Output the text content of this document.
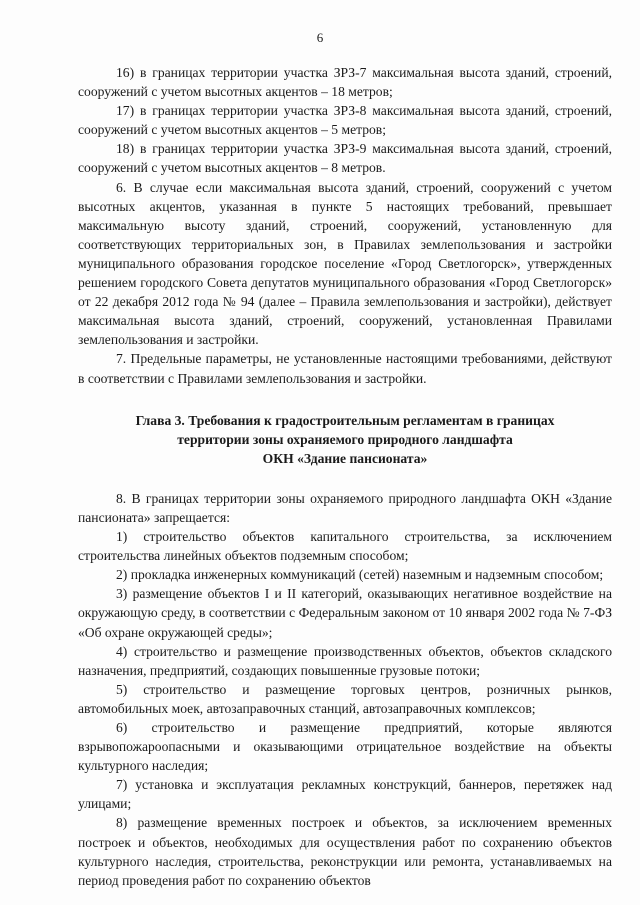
6

16) в границах территории участка ЗРЗ-7 максимальная высота зданий, строений, сооружений с учетом высотных акцентов – 18 метров;

17) в границах территории участка ЗРЗ-8 максимальная высота зданий, строений, сооружений с учетом высотных акцентов – 5 метров;

18) в границах территории участка ЗРЗ-9 максимальная высота зданий, строений, сооружений с учетом высотных акцентов – 8 метров.

6. В случае если максимальная высота зданий, строений, сооружений с учетом высотных акцентов, указанная в пункте 5 настоящих требований, превышает максимальную высоту зданий, строений, сооружений, установленную для соответствующих территориальных зон, в Правилах землепользования и застройки муниципального образования городское поселение «Город Светлогорск», утвержденных решением городского Совета депутатов муниципального образования «Город Светлогорск» от 22 декабря 2012 года № 94 (далее – Правила землепользования и застройки), действует максимальная высота зданий, строений, сооружений, установленная Правилами землепользования и застройки.

7. Предельные параметры, не установленные настоящими требованиями, действуют в соответствии с Правилами землепользования и застройки.

Глава 3. Требования к градостроительным регламентам в границах
территории зоны охраняемого природного ландшафта
ОКН «Здание пансионата»

8. В границах территории зоны охраняемого природного ландшафта ОКН «Здание пансионата» запрещается:

1) строительство объектов капитального строительства, за исключением строительства линейных объектов подземным способом;

2) прокладка инженерных коммуникаций (сетей) наземным и надземным способом;

3) размещение объектов I и II категорий, оказывающих негативное воздействие на окружающую среду, в соответствии с Федеральным законом от 10 января 2002 года № 7-ФЗ «Об охране окружающей среды»;

4) строительство и размещение производственных объектов, объектов складского назначения, предприятий, создающих повышенные грузовые потоки;

5) строительство и размещение торговых центров, розничных рынков, автомобильных моек, автозаправочных станций, автозаправочных комплексов;

6) строительство и размещение предприятий, которые являются взрывопожароопасными и оказывающими отрицательное воздействие на объекты культурного наследия;

7) установка и эксплуатация рекламных конструкций, баннеров, перетяжек над улицами;

8) размещение временных построек и объектов, за исключением временных построек и объектов, необходимых для осуществления работ по сохранению объектов культурного наследия, строительства, реконструкции или ремонта, устанавливаемых на период проведения работ по сохранению объектов
